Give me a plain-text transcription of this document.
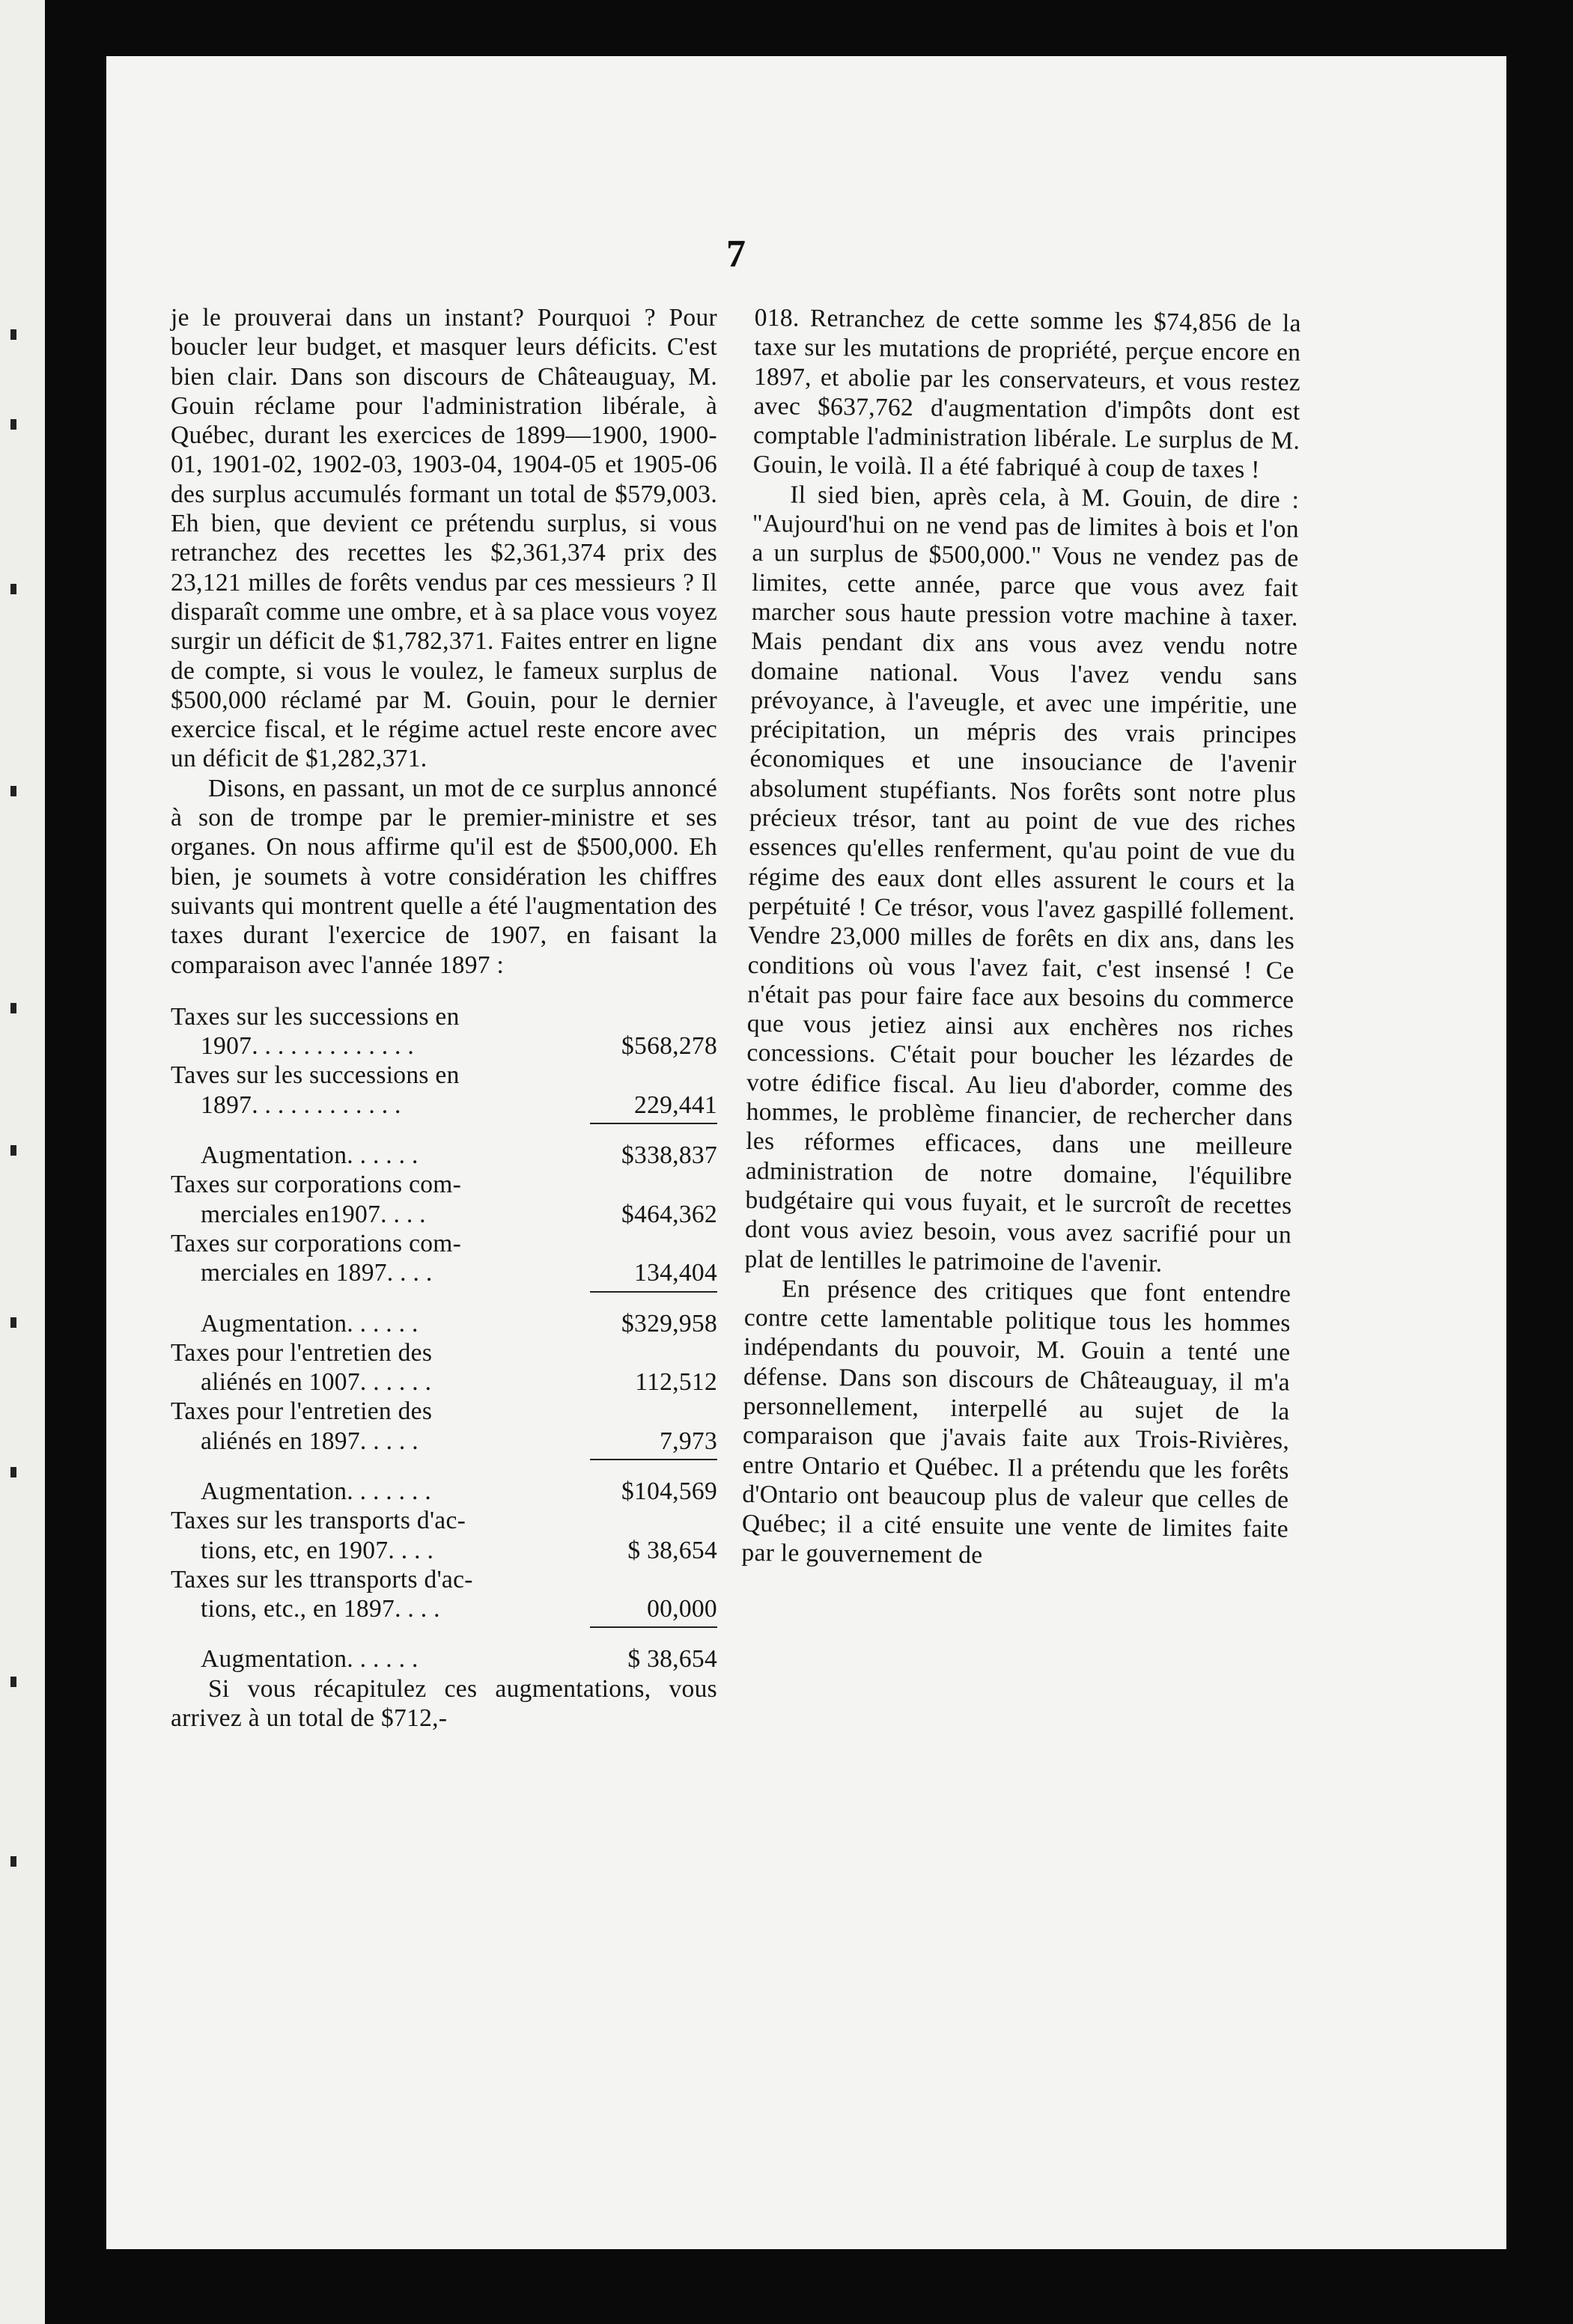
7

je le prouverai dans un instant? Pourquoi ? Pour boucler leur budget, et masquer leurs déficits. C'est bien clair. Dans son discours de Châteauguay, M. Gouin réclame pour l'administration libérale, à Québec, durant les exercices de 1899—1900, 1900-01, 1901-02, 1902-03, 1903-04, 1904-05 et 1905-06 des surplus accumulés formant un total de $579,003. Eh bien, que devient ce prétendu surplus, si vous retranchez des recettes les $2,361,374 prix des 23,121 milles de forêts vendus par ces messieurs ? Il disparaît comme une ombre, et à sa place vous voyez surgir un déficit de $1,782,371. Faites entrer en ligne de compte, si vous le voulez, le fameux surplus de $500,000 réclamé par M. Gouin, pour le dernier exercice fiscal, et le régime actuel reste encore avec un déficit de $1,282,371.

Disons, en passant, un mot de ce surplus annoncé à son de trompe par le premier-ministre et ses organes. On nous affirme qu'il est de $500,000. Eh bien, je soumets à votre considération les chiffres suivants qui montrent quelle a été l'augmentation des taxes durant l'exercice de 1907, en faisant la comparaison avec l'année 1897 :

Taxes sur les successions en
1907. . . . . . . . . . . . .	$568,278
Taves sur les successions en
1897. . . . . . . . . . . .	229,441
Augmentation. . . . . .	$338,837
Taxes sur corporations com-
merciales en1907. . . .	$464,362
Taxes sur corporations com-
merciales en 1897. . . .	134,404
Augmentation. . . . . .	$329,958
Taxes pour l'entretien des
aliénés en 1007. . . . . .	112,512
Taxes pour l'entretien des
aliénés en 1897. . . . .	7,973
Augmentation. . . . . . .	$104,569
Taxes sur les transports d'ac-
tions, etc, en 1907. . . .	$ 38,654
Taxes sur les ttransports d'ac-
tions, etc., en 1897. . . .	00,000
Augmentation. . . . . .	$ 38,654

Si vous récapitulez ces augmentations, vous arrivez à un total de $712,-

018. Retranchez de cette somme les $74,856 de la taxe sur les mutations de propriété, perçue encore en 1897, et abolie par les conservateurs, et vous restez avec $637,762 d'augmentation d'impôts dont est comptable l'administration libérale. Le surplus de M. Gouin, le voilà. Il a été fabriqué à coup de taxes !

Il sied bien, après cela, à M. Gouin, de dire : "Aujourd'hui on ne vend pas de limites à bois et l'on a un surplus de $500,000." Vous ne vendez pas de limites, cette année, parce que vous avez fait marcher sous haute pression votre machine à taxer. Mais pendant dix ans vous avez vendu notre domaine national. Vous l'avez vendu sans prévoyance, à l'aveugle, et avec une impéritie, une précipitation, un mépris des vrais principes économiques et une insouciance de l'avenir absolument stupéfiants. Nos forêts sont notre plus précieux trésor, tant au point de vue des riches essences qu'elles renferment, qu'au point de vue du régime des eaux dont elles assurent le cours et la perpétuité ! Ce trésor, vous l'avez gaspillé follement. Vendre 23,000 milles de forêts en dix ans, dans les conditions où vous l'avez fait, c'est insensé ! Ce n'était pas pour faire face aux besoins du commerce que vous jetiez ainsi aux enchères nos riches concessions. C'était pour boucher les lézardes de votre édifice fiscal. Au lieu d'aborder, comme des hommes, le problème financier, de rechercher dans les réformes efficaces, dans une meilleure administration de notre domaine, l'équilibre budgétaire qui vous fuyait, et le surcroît de recettes dont vous aviez besoin, vous avez sacrifié pour un plat de lentilles le patrimoine de l'avenir.

En présence des critiques que font entendre contre cette lamentable politique tous les hommes indépendants du pouvoir, M. Gouin a tenté une défense. Dans son discours de Châteauguay, il m'a personnellement, interpellé au sujet de la comparaison que j'avais faite aux Trois-Rivières, entre Ontario et Québec. Il a prétendu que les forêts d'Ontario ont beaucoup plus de valeur que celles de Québec; il a cité ensuite une vente de limites faite par le gouvernement de
